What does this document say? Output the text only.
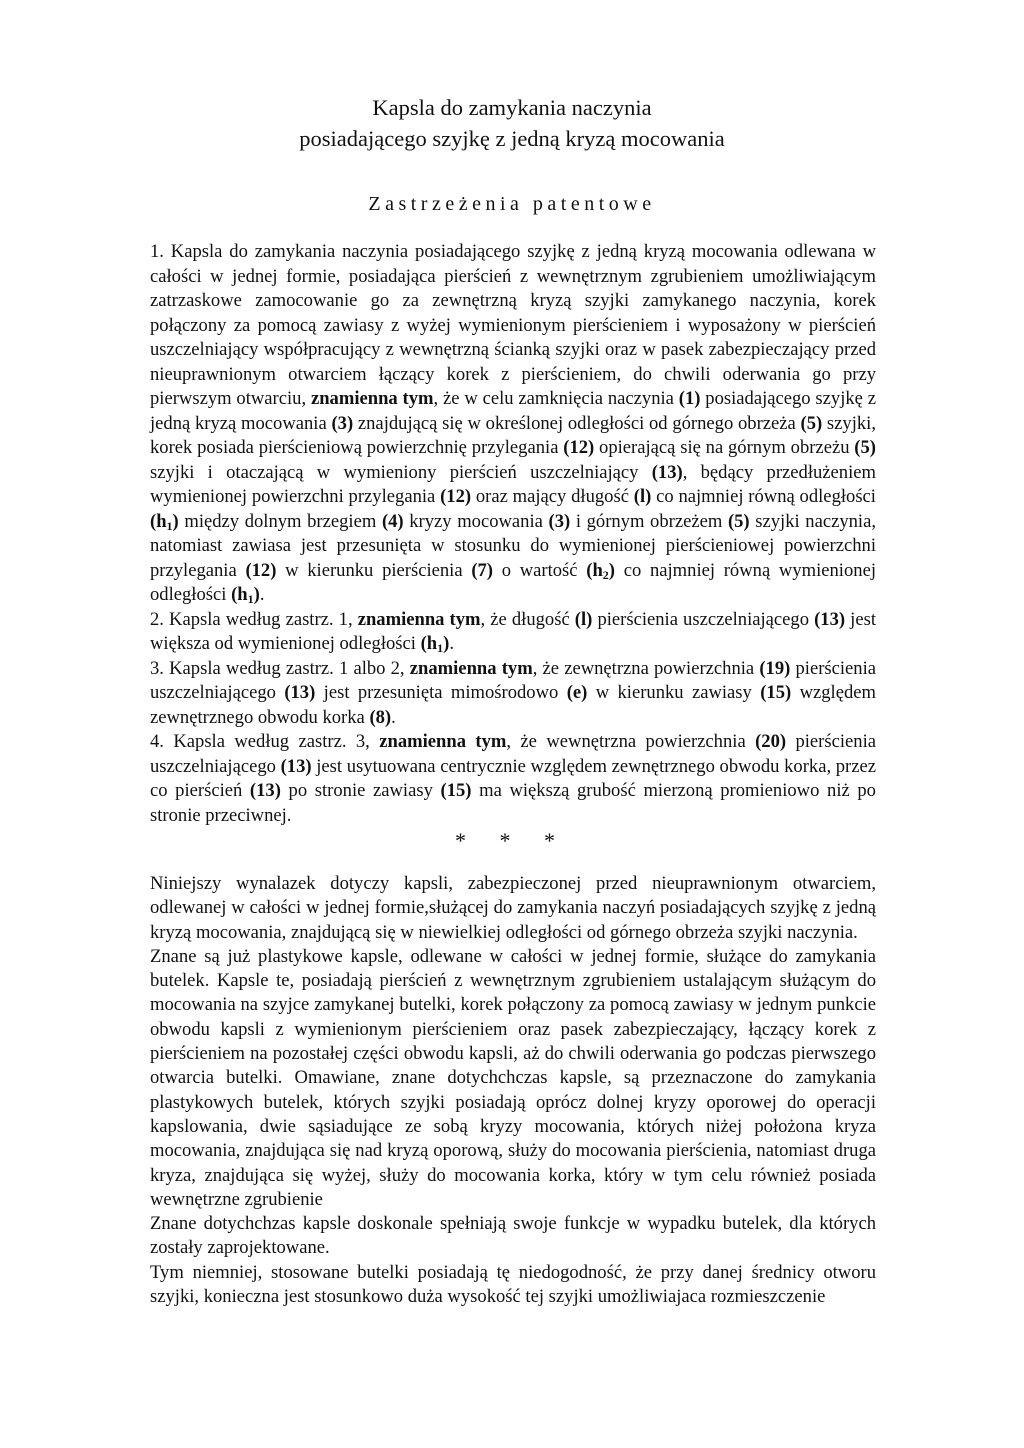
Kapsla do zamykania naczynia
posiadającego szyjkę z jedną kryzą mocowania
Zastrzeżenia patentowe

1. Kapsla do zamykania naczynia posiadającego szyjkę z jedną kryzą mocowania odlewana w całości w jednej formie, posiadająca pierścień z wewnętrznym zgrubieniem umożliwiającym zatrzaskowe zamocowanie go za zewnętrzną kryzą szyjki zamykanego naczynia, korek połączony za pomocą zawiasy z wyżej wymienionym pierścieniem i wyposażony w pierścień uszczelniający współpracujący z wewnętrzną ścianką szyjki oraz w pasek zabezpieczający przed nieuprawnionym otwarciem łączący korek z pierścieniem, do chwili oderwania go przy pierwszym otwarciu, znamienna tym, że w celu zamknięcia naczynia (1) posiadającego szyjkę z jedną kryzą mocowania (3) znajdującą się w określonej odległości od górnego obrzeża (5) szyjki, korek posiada pierścieniową powierzchnię przylegania (12) opierającą się na górnym obrzeżu (5) szyjki i otaczającą w wymieniony pierścień uszczelniający (13), będący przedłużeniem wymienionej powierzchni przylegania (12) oraz mający długość (l) co najmniej równą odległości $(h_1)$ między dolnym brzegiem (4) kryzy mocowania (3) i górnym obrzeżem (5) szyjki naczynia, natomiast zawiasa jest przesunięta w stosunku do wymienionej pierścieniowej powierzchni przylegania (12) w kierunku pierścienia (7) o wartość $(h_2)$ co najmniej równą wymienionej odległości $(h_1)$.

2. Kapsla według zastrz. 1, znamienna tym, że długość (l) pierścienia uszczelniającego (13) jest większa od wymienionej odległości $(h_1)$.

3. Kapsla według zastrz. 1 albo 2, znamienna tym, że zewnętrzna powierzchnia (19) pierścienia uszczelniającego (13) jest przesunięta mimośrodowo (e) w kierunku zawiasy (15) względem zewnętrznego obwodu korka (8).

4. Kapsla według zastrz. 3, znamienna tym, że wewnętrzna powierzchnia (20) pierścienia uszczelniającego (13) jest usytuowana centrycznie względem zewnętrznego obwodu korka, przez co pierścień (13) po stronie zawiasy (15) ma większą grubość mierzoną promieniowo niż po stronie przeciwnej.

* * *

Niniejszy wynalazek dotyczy kapsli, zabezpieczonej przed nieuprawnionym otwarciem, odlewanej w całości w jednej formie,służącej do zamykania naczyń posiadających szyjkę z jedną kryzą mocowania, znajdującą się w niewielkiej odległości od górnego obrzeża szyjki naczynia.

Znane są już plastykowe kapsle, odlewane w całości w jednej formie, służące do zamykania butelek. Kapsle te, posiadają pierścień z wewnętrznym zgrubieniem ustalającym służącym do mocowania na szyjce zamykanej butelki, korek połączony za pomocą zawiasy w jednym punkcie obwodu kapsli z wymienionym pierścieniem oraz pasek zabezpieczający, łączący korek z pierścieniem na pozostałej części obwodu kapsli, aż do chwili oderwania go podczas pierwszego otwarcia butelki. Omawiane, znane dotychchczas kapsle, są przeznaczone do zamykania plastykowych butelek, których szyjki posiadają oprócz dolnej kryzy oporowej do operacji kapslowania, dwie sąsiadujące ze sobą kryzy mocowania, których niżej położona kryza mocowania, znajdująca się nad kryzą oporową, służy do mocowania pierścienia, natomiast druga kryza, znajdująca się wyżej, służy do mocowania korka, który w tym celu również posiada wewnętrzne zgrubienie

Znane dotychchzas kapsle doskonale spełniają swoje funkcje w wypadku butelek, dla których zostały zaprojektowane.

Tym niemniej, stosowane butelki posiadają tę niedogodność, że przy danej średnicy otworu szyjki, konieczna jest stosunkowo duża wysokość tej szyjki umożliwiajaca rozmieszczenie
